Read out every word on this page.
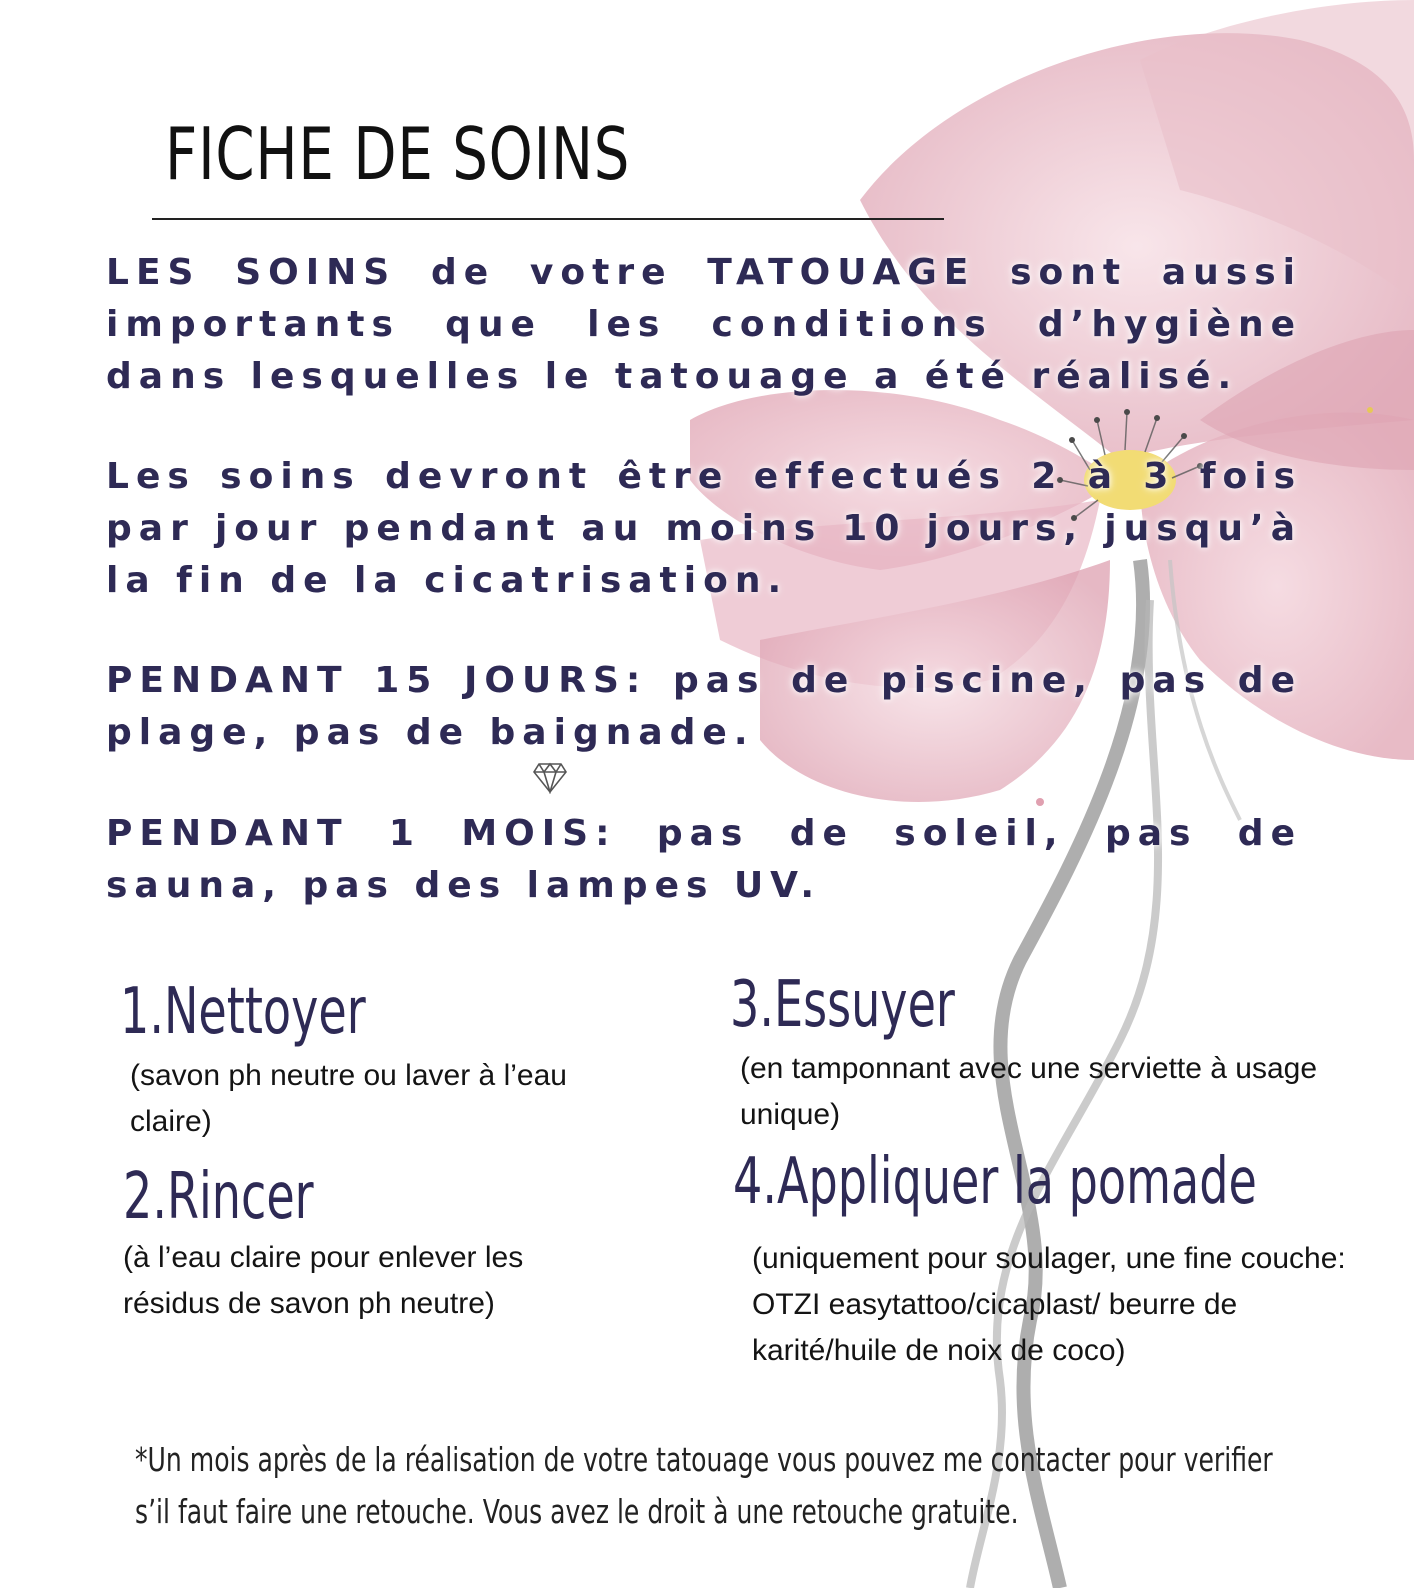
FICHE DE SOINS
LES SOINS de votre TATOUAGE sont aussi importants que les conditions d’hygiène dans lesquelles le tatouage a été réalisé.
Les soins devront être effectués 2 à 3 fois par jour pendant au moins 10 jours, jusqu’à la fin de la cicatrisation.
PENDANT 15 JOURS: pas de piscine, pas de plage, pas de baignade.
PENDANT 1 MOIS: pas de soleil, pas de sauna, pas des lampes UV.
1.Nettoyer
(savon ph neutre ou laver à l’eau claire)
2.Rincer
(à l’eau claire pour enlever les résidus de savon ph neutre)
3.Essuyer
(en tamponnant avec une serviette à usage unique)
4.Appliquer la pomade
(uniquement pour soulager, une fine couche: OTZI easytattoo/cicaplast/ beurre de karité/huile de noix de coco)
*Un mois après de la réalisation de votre tatouage vous pouvez me contacter pour verifier s’il faut faire une retouche. Vous avez le droit à une retouche gratuite.
